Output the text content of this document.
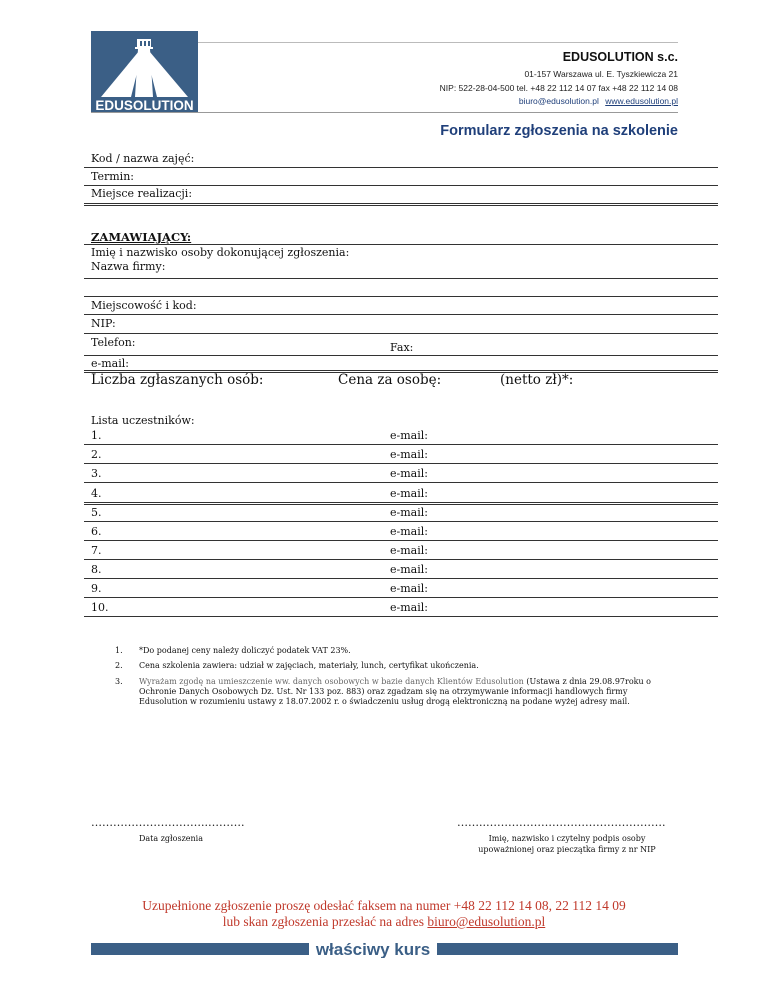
EDUSOLUTION
EDUSOLUTION s.c.
01-157 Warszawa ul. E. Tyszkiewicza 21
NIP: 522-28-04-500 tel. +48 22 112 14 07 fax +48 22 112 14 08
biuro@edusolution.pl www.edusolution.pl
Formularz zgłoszenia na szkolenie
Kod / nazwa zajęć:
Termin:
Miejsce realizacji:
ZAMAWIAJĄCY:
Imię i nazwisko osoby dokonującej zgłoszenia:
Nazwa firmy:
Miejscowość i kod:
NIP:
Telefon:	Fax:
e-mail:
Liczba zgłaszanych osób:	Cena za osobę:	(netto zł)*:
Lista uczestników:
1.	e-mail:
2.	e-mail:
3.	e-mail:
4.	e-mail:
5.	e-mail:
6.	e-mail:
7.	e-mail:
8.	e-mail:
9.	e-mail:
10.	e-mail:
1. *Do podanej ceny należy doliczyć podatek VAT 23%.
2. Cena szkolenia zawiera: udział w zajęciach, materiały, lunch, certyfikat ukończenia.
3. Wyrażam zgodę na umieszczenie ww. danych osobowych w bazie danych Klientów Edusolution (Ustawa z dnia 29.08.97roku o Ochronie Danych Osobowych Dz. Ust. Nr 133 poz. 883) oraz zgadzam się na otrzymywanie informacji handlowych firmy Edusolution w rozumieniu ustawy z 18.07.2002 r. o świadczeniu usług drogą elektroniczną na podane wyżej adresy mail.
…………………………..……….
Data zgłoszenia
……..………………………………………….
Imię, nazwisko i czytelny podpis osoby
upoważnionej oraz pieczątka firmy z nr NIP
Uzupełnione zgłoszenie proszę odesłać faksem na numer +48 22 112 14 08, 22 112 14 09
lub skan zgłoszenia przesłać na adres biuro@edusolution.pl
właściwy kurs
